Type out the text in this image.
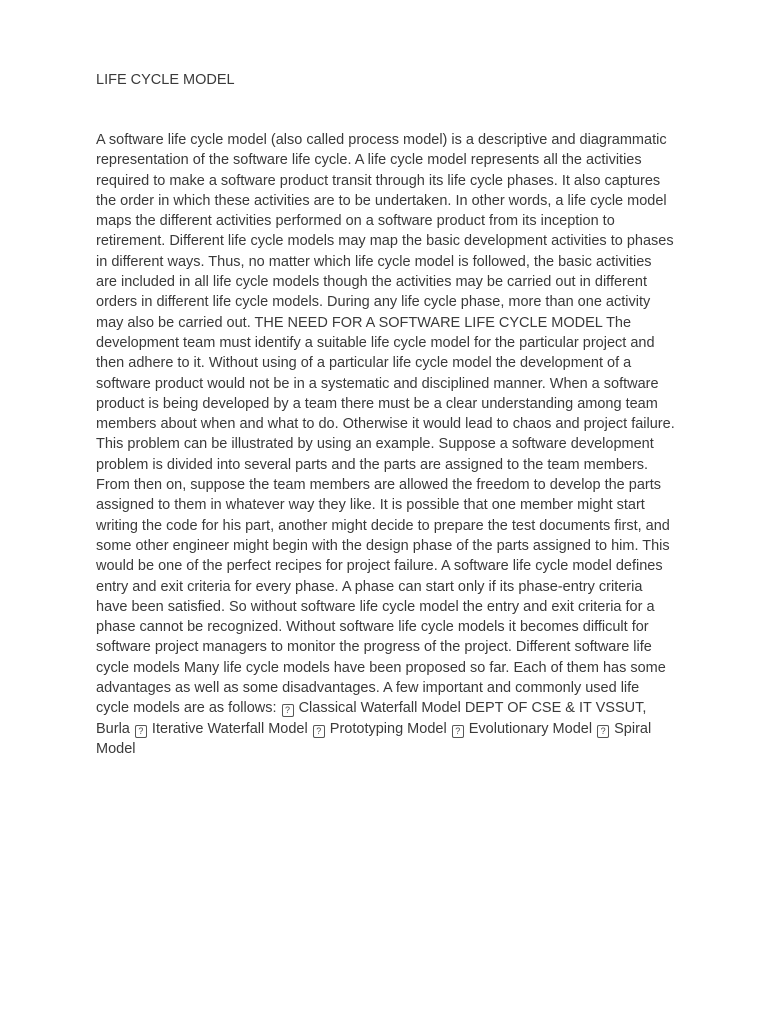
LIFE CYCLE MODEL
A software life cycle model (also called process model) is a descriptive and diagrammatic representation of the software life cycle. A life cycle model represents all the activities required to make a software product transit through its life cycle phases. It also captures the order in which these activities are to be undertaken. In other words, a life cycle model maps the different activities performed on a software product from its inception to retirement. Different life cycle models may map the basic development activities to phases in different ways. Thus, no matter which life cycle model is followed, the basic activities are included in all life cycle models though the activities may be carried out in different orders in different life cycle models. During any life cycle phase, more than one activity may also be carried out. THE NEED FOR A SOFTWARE LIFE CYCLE MODEL The development team must identify a suitable life cycle model for the particular project and then adhere to it. Without using of a particular life cycle model the development of a software product would not be in a systematic and disciplined manner. When a software product is being developed by a team there must be a clear understanding among team members about when and what to do. Otherwise it would lead to chaos and project failure. This problem can be illustrated by using an example. Suppose a software development problem is divided into several parts and the parts are assigned to the team members. From then on, suppose the team members are allowed the freedom to develop the parts assigned to them in whatever way they like. It is possible that one member might start writing the code for his part, another might decide to prepare the test documents first, and some other engineer might begin with the design phase of the parts assigned to him. This would be one of the perfect recipes for project failure. A software life cycle model defines entry and exit criteria for every phase. A phase can start only if its phase-entry criteria have been satisfied. So without software life cycle model the entry and exit criteria for a phase cannot be recognized. Without software life cycle models it becomes difficult for software project managers to monitor the progress of the project. Different software life cycle models Many life cycle models have been proposed so far. Each of them has some advantages as well as some disadvantages. A few important and commonly used life cycle models are as follows: ? Classical Waterfall Model DEPT OF CSE & IT VSSUT, Burla ? Iterative Waterfall Model ? Prototyping Model ? Evolutionary Model ? Spiral Model
